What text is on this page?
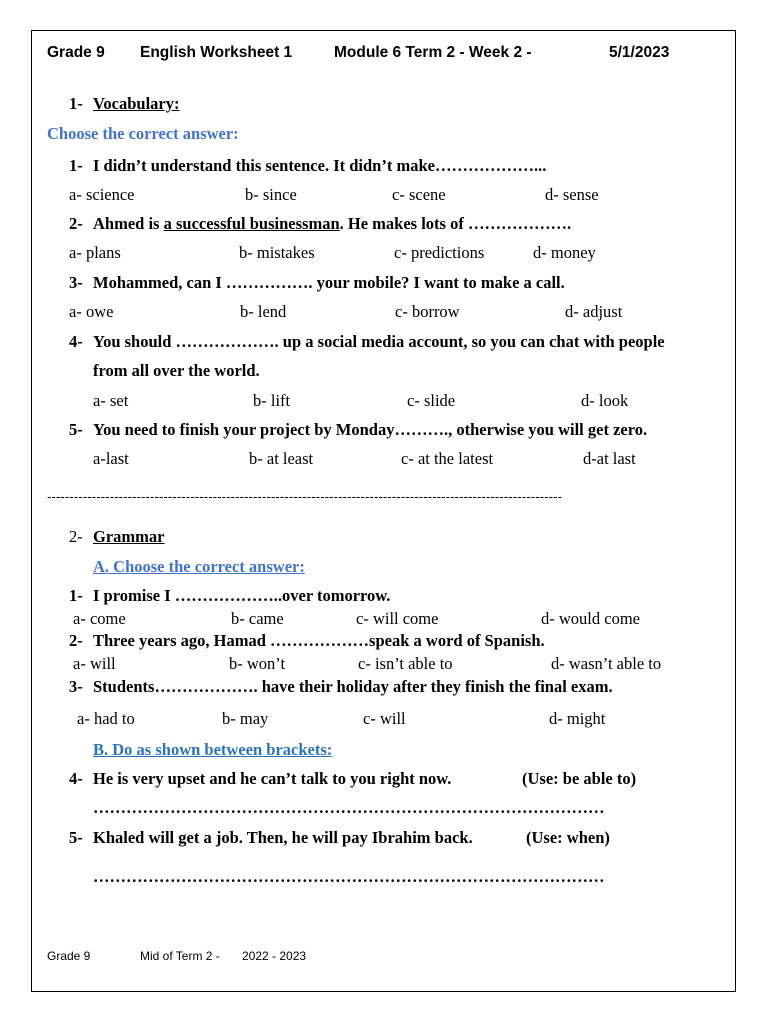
Grade 9 English Worksheet 1	Module 6 Term 2 - Week 2 -	5/1/2023
1- Vocabulary:
Choose the correct answer:
1- I didn’t understand this sentence. It didn’t make………………...
a- science	b- since	c- scene	d- sense
2- Ahmed is a successful businessman. He makes lots of ……………….
a- plans	b- mistakes	c- predictions	d- money
3- Mohammed, can I ……………. your mobile? I want to make a call.
a- owe	b- lend	c- borrow	d- adjust
4- You should ………………. up a social media account, so you can chat with people
from all over the world.
a- set	b- lift	c- slide	d- look
5- You need to finish your project by Monday………., otherwise you will get zero.
a-last	b- at least	c- at the latest	d-at last
-------------------------------------------------------------------------------------------------------------------
2- Grammar
A. Choose the correct answer:
1- I promise I ………………..over tomorrow.
a- come	b- came	c- will come	d- would come
2- Three years ago, Hamad ………………speak a word of Spanish.
a- will	b- won’t	c- isn’t able to	d- wasn’t able to
3- Students………………. have their holiday after they finish the final exam.
a- had to	b- may	c- will	d- might
B. Do as shown between brackets:
4- He is very upset and he can’t talk to you right now.	(Use: be able to)
…………………………………………………………………………………
5- Khaled will get a job. Then, he will pay Ibrahim back.	(Use: when)
…………………………………………………………………………………
Grade 9	Mid of Term 2 - 2022 - 2023
